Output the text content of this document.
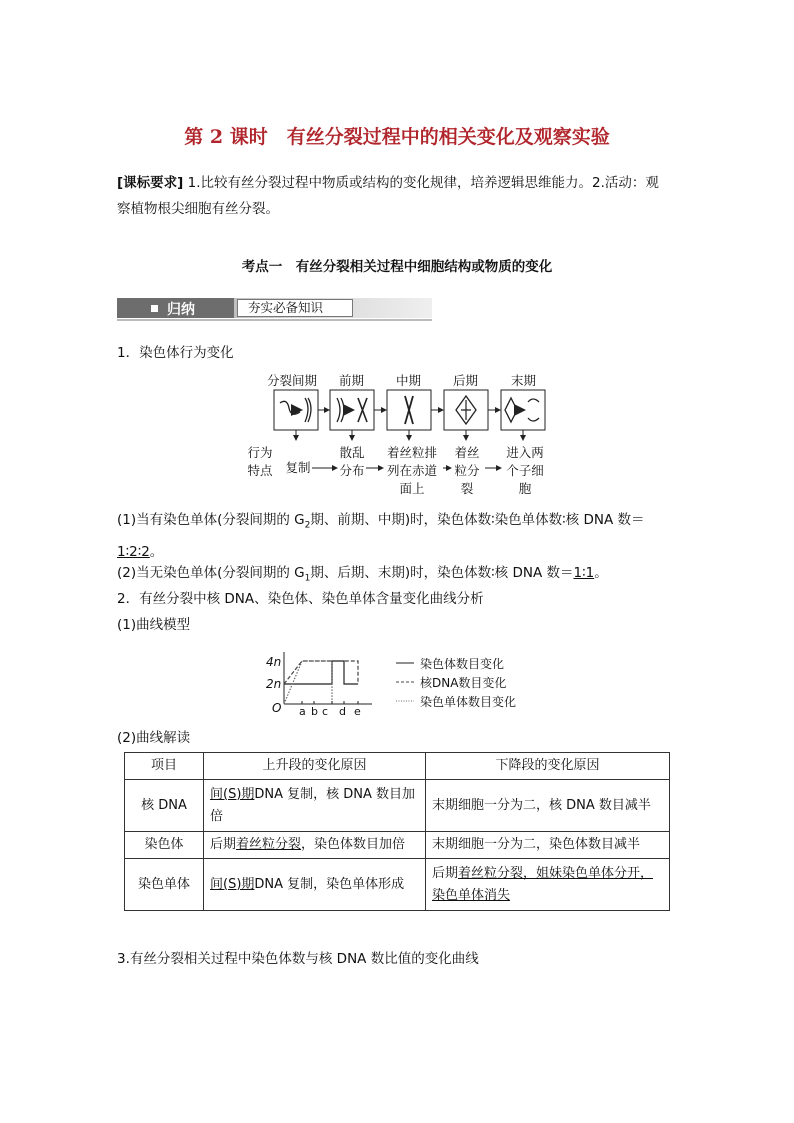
第 2 课时　有丝分裂过程中的相关变化及观察实验
[课标要求] 1.比较有丝分裂过程中物质或结构的变化规律，培养逻辑思维能力。2.活动：观
察植物根尖细胞有丝分裂。
考点一　有丝分裂相关过程中细胞结构或物质的变化
归纳	夯实必备知识
1．染色体行为变化
分裂间期 前期	中期	后期	末期
行为
特点 复制
散乱
分布
着丝粒排
列在赤道
面上
着丝
粒分
裂
进入两
个子细
胞
(1)当有染色单体(分裂间期的 $G_2$期、前期、中期)时，染色体数∶染色单体数∶核 DNA 数＝
1∶2∶2。
(2)当无染色单体(分裂间期的 $G_1$期、后期、末期)时，染色体数∶核 DNA 数＝1∶1。
2．有丝分裂中核 DNA、染色体、染色单体含量变化曲线分析
(1)曲线模型
4n
2n
O a b c d e
染色体数目变化
核DNA数目变化
染色单体数目变化
(2)曲线解读
项目	上升段的变化原因	下降段的变化原因
核 DNA	间(S)期DNA 复制，核 DNA 数目加倍	末期细胞一分为二，核 DNA 数目减半
染色体	后期着丝粒分裂，染色体数目加倍	末期细胞一分为二，染色体数目减半
染色单体	间(S)期DNA 复制，染色单体形成	后期着丝粒分裂，姐妹染色单体分开，
染色单体消失
3.有丝分裂相关过程中染色体数与核 DNA 数比值的变化曲线
